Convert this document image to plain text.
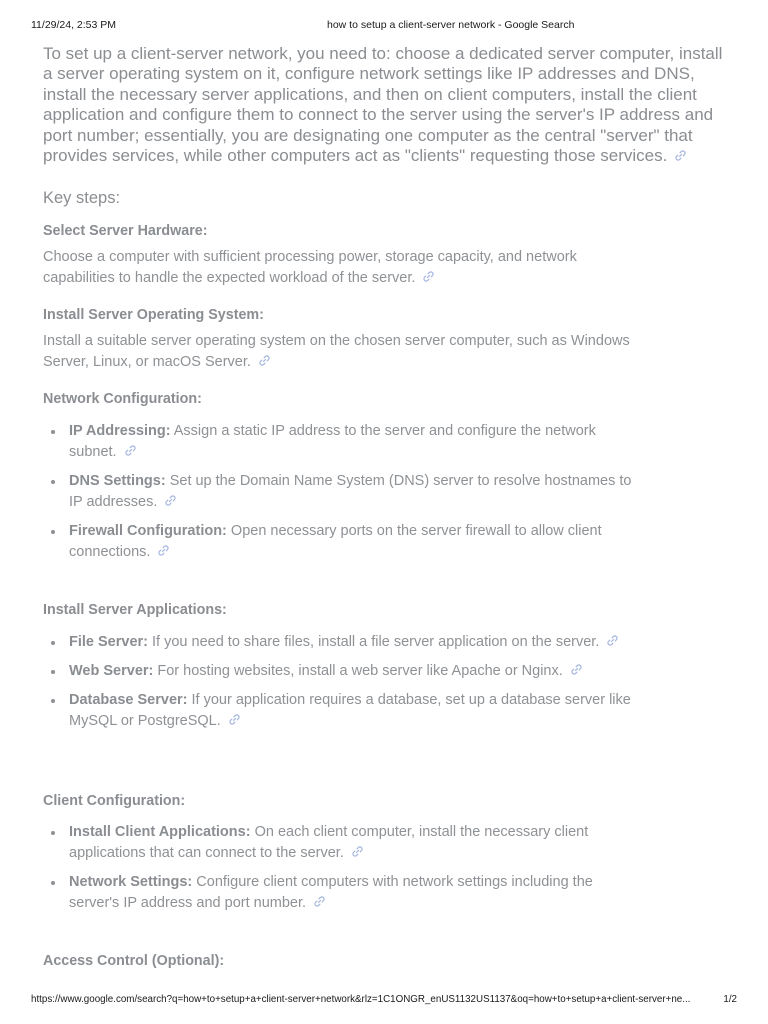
11/29/24, 2:53 PM	how to setup a client-server network - Google Search

To set up a client-server network, you need to: choose a dedicated server computer, install a server operating system on it, configure network settings like IP addresses and DNS, install the necessary server applications, and then on client computers, install the client application and configure them to connect to the server using the server's IP address and port number; essentially, you are designating one computer as the central "server" that provides services, while other computers act as "clients" requesting those services.

Key steps:

Select Server Hardware:

Choose a computer with sufficient processing power, storage capacity, and network capabilities to handle the expected workload of the server.

Install Server Operating System:

Install a suitable server operating system on the chosen server computer, such as Windows Server, Linux, or macOS Server.

Network Configuration:
IP Addressing: Assign a static IP address to the server and configure the network subnet.
DNS Settings: Set up the Domain Name System (DNS) server to resolve hostnames to IP addresses.
Firewall Configuration: Open necessary ports on the server firewall to allow client connections.
Install Server Applications:
File Server: If you need to share files, install a file server application on the server.
Web Server: For hosting websites, install a web server like Apache or Nginx.
Database Server: If your application requires a database, set up a database server like MySQL or PostgreSQL.
Client Configuration:
Install Client Applications: On each client computer, install the necessary client applications that can connect to the server.
Network Settings: Configure client computers with network settings including the server's IP address and port number.
Access Control (Optional):
https://www.google.com/search?q=how+to+setup+a+client-server+network&rlz=1C1ONGR_enUS1132US1137&oq=how+to+setup+a+client-server+ne...	1/2
